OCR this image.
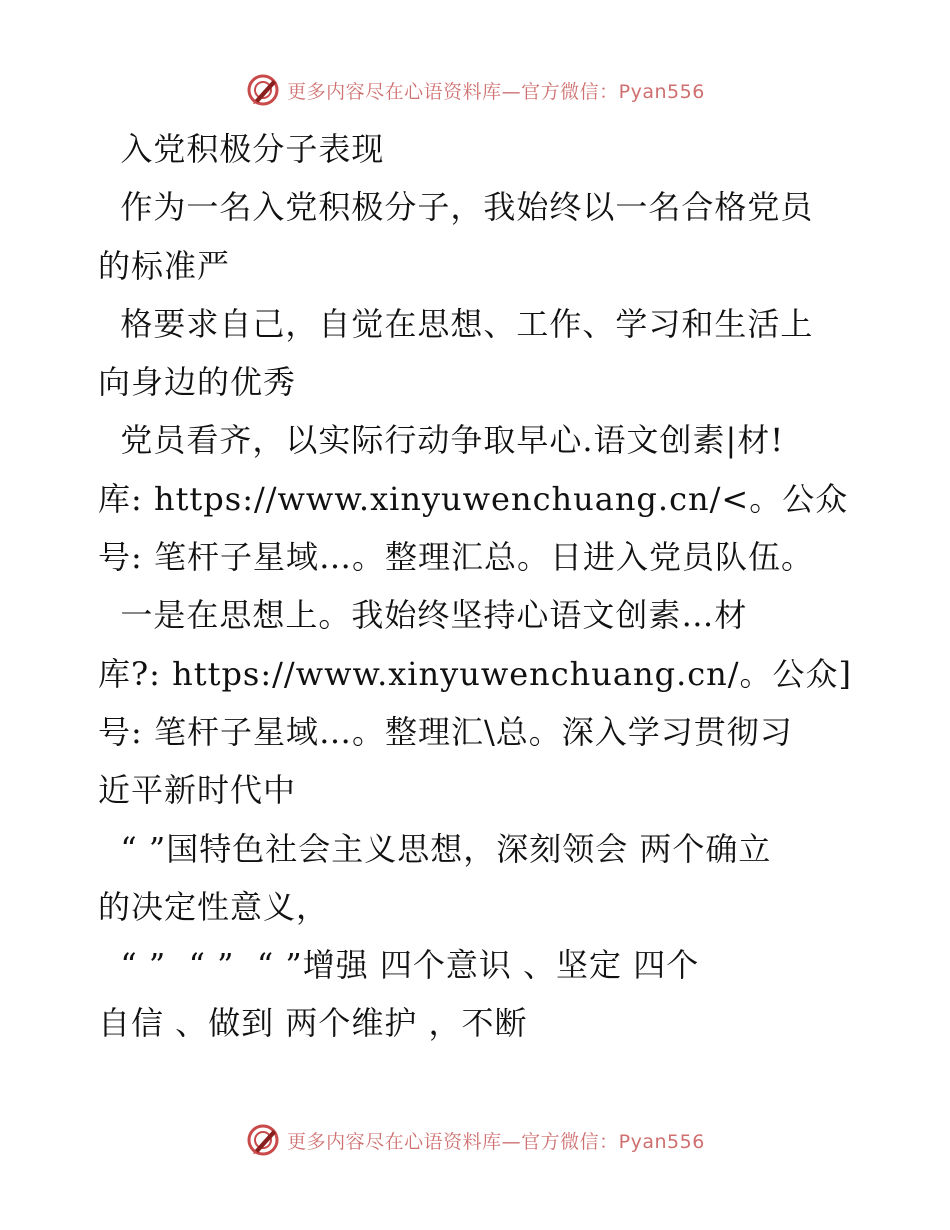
更多内容尽在心语资料库—官方微信：Pyan556
入党积极分子表现
作为一名入党积极分子，我始终以一名合格党员
的标准严
格要求自己，自觉在思想、工作、学习和生活上
向身边的优秀
党员看齐，以实际行动争取早心.语文创素|材!
库: https://www.xinyuwenchuang.cn/<。公众
号: 笔杆子星域…。整理汇总。日进入党员队伍。
一是在思想上。我始终坚持心语文创素…材
库?: https://www.xinyuwenchuang.cn/。公众]
号: 笔杆子星域…。整理汇\总。深入学习贯彻习
近平新时代中
“ ”国特色社会主义思想，深刻领会 两个确立
的决定性意义，
“ ”  “ ”  “ ”增强 四个意识 、坚定 四个
自信 、做到 两个维护 ，不断
更多内容尽在心语资料库—官方微信：Pyan556
